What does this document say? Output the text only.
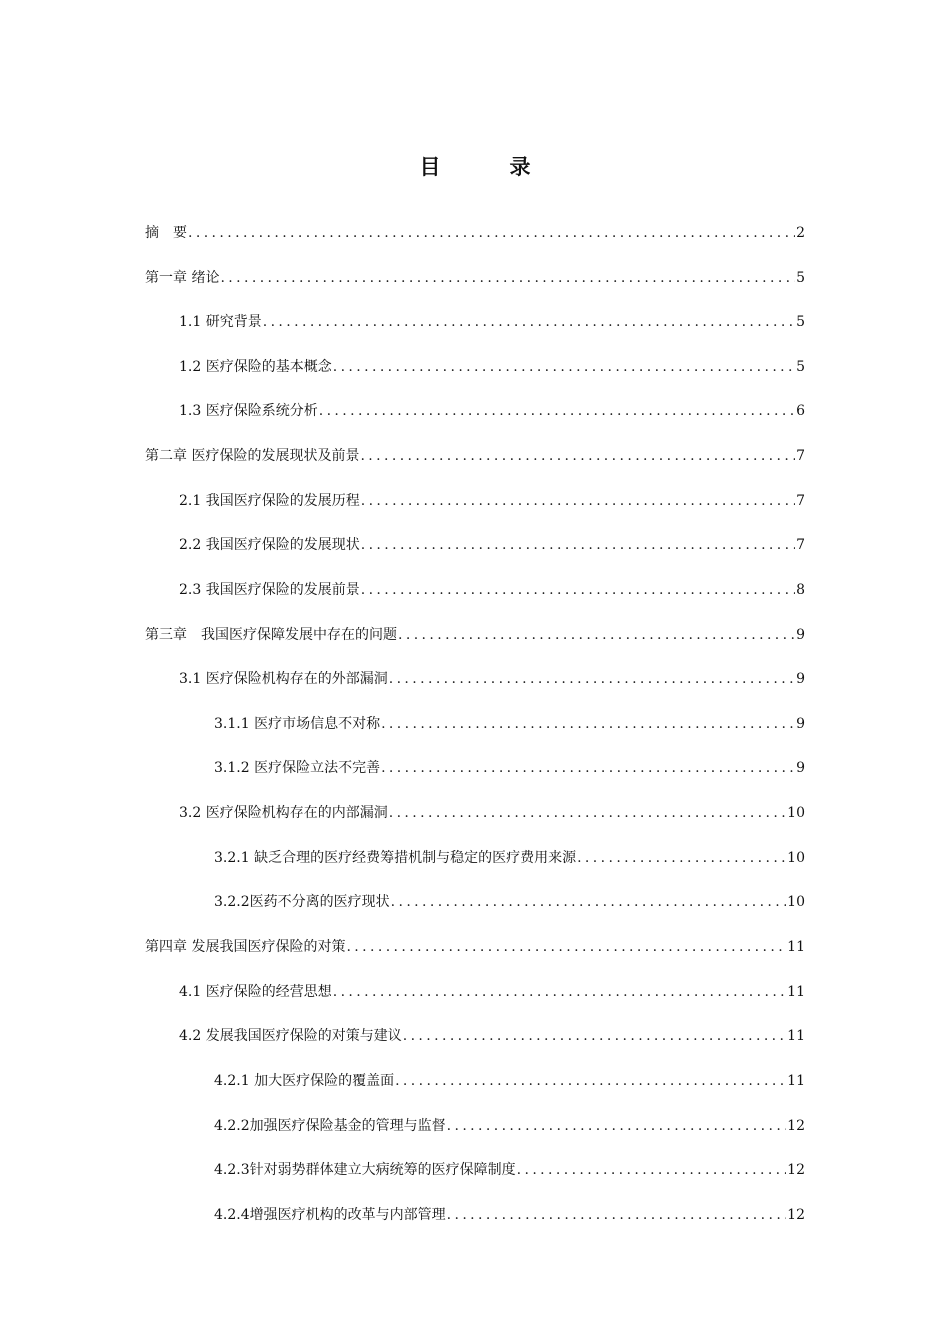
目　录
摘　要 .....	2
第一章 绪论 .....	5
1.1 研究背景 .....	5
1.2 医疗保险的基本概念 .....	5
1.3 医疗保险系统分析 .....	6
第二章 医疗保险的发展现状及前景 .....	7
2.1 我国医疗保险的发展历程 .....	7
2.2 我国医疗保险的发展现状 .....	7
2.3 我国医疗保险的发展前景 .....	8
第三章　我国医疗保障发展中存在的问题 .....	9
3.1 医疗保险机构存在的外部漏洞 .....	9
3.1.1 医疗市场信息不对称 .....	9
3.1.2 医疗保险立法不完善 .....	9
3.2 医疗保险机构存在的内部漏洞 .....	10
3.2.1 缺乏合理的医疗经费筹措机制与稳定的医疗费用来源 .....	10
3.2.2医药不分离的医疗现状 .....	10
第四章 发展我国医疗保险的对策 .....	11
4.1 医疗保险的经营思想 .....	11
4.2 发展我国医疗保险的对策与建议 .....	11
4.2.1 加大医疗保险的覆盖面 .....	11
4.2.2加强医疗保险基金的管理与监督 .....	12
4.2.3针对弱势群体建立大病统筹的医疗保障制度 .....	12
4.2.4增强医疗机构的改革与内部管理 .....	12
